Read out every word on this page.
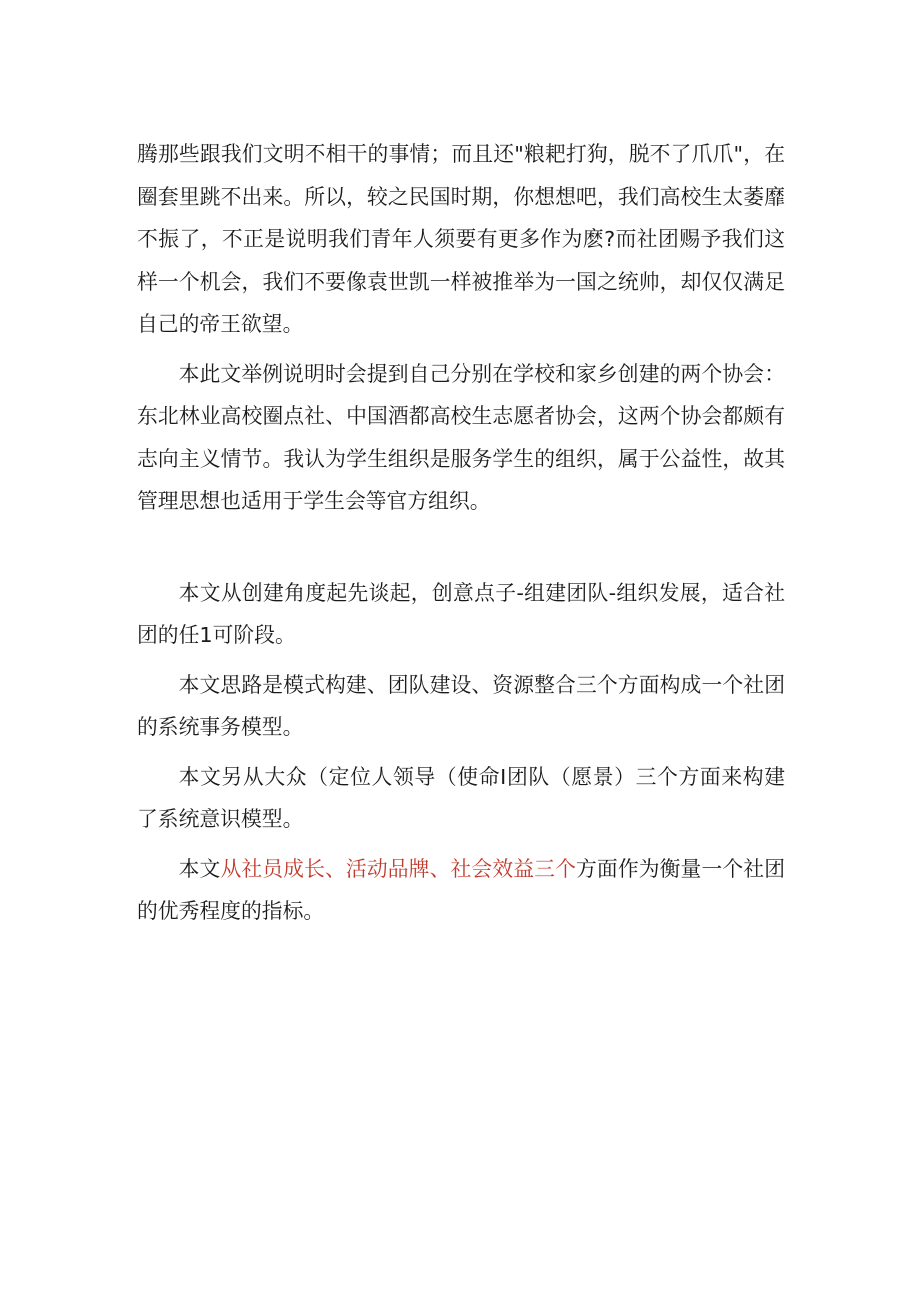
腾那些跟我们文明不相干的事情；而且还"粮耙打狗，脱不了爪爪"，在圈套里跳不出来。所以，较之民国时期，你想想吧，我们高校生太萎靡不振了，不正是说明我们青年人须要有更多作为麽?而社团赐予我们这样一个机会，我们不要像袁世凯一样被推举为一国之统帅，却仅仅满足自己的帝王欲望。

本此文举例说明时会提到自己分别在学校和家乡创建的两个协会：东北林业高校圈点社、中国酒都高校生志愿者协会，这两个协会都颇有志向主义情节。我认为学生组织是服务学生的组织，属于公益性，故其管理思想也适用于学生会等官方组织。

本文从创建角度起先谈起，创意点子-组建团队-组织发展，适合社团的任1可阶段。

本文思路是模式构建、团队建设、资源整合三个方面构成一个社团的系统事务模型。

本文另从大众（定位人领导（使命I团队（愿景）三个方面来构建了系统意识模型。

本文从社员成长、活动品牌、社会效益三个方面作为衡量一个社团的优秀程度的指标。
